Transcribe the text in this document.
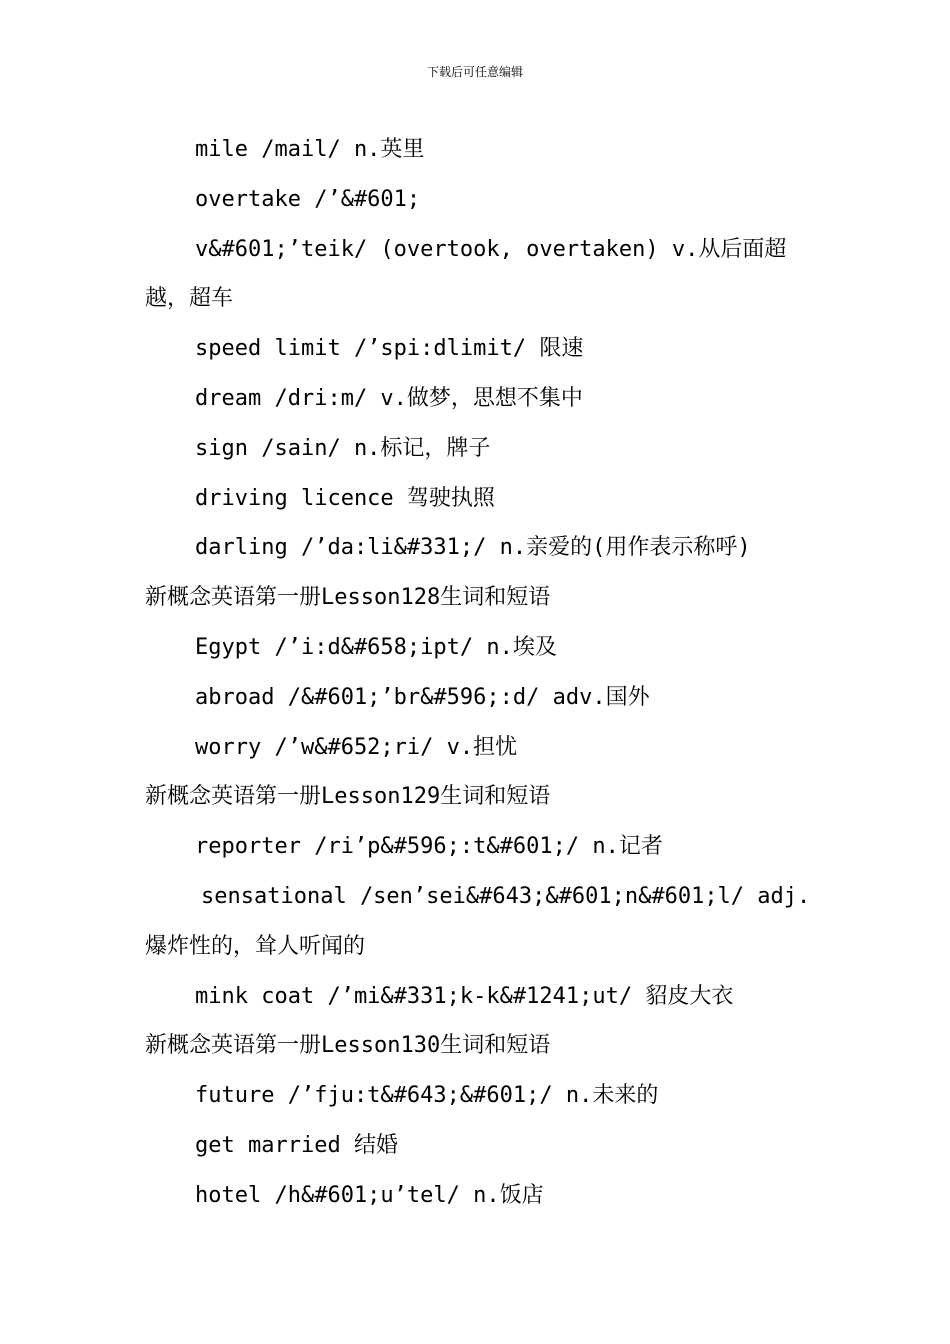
下载后可任意编辑
mile /mail/ n.英里
overtake /’&#601;
v&#601;’teik/ (overtook, overtaken) v.从后面超
越，超车
speed limit /’spi:dlimit/ 限速
dream /dri:m/ v.做梦，思想不集中
sign /sain/ n.标记，牌子
driving licence 驾驶执照
darling /’da:li&#331;/ n.亲爱的(用作表示称呼)
新概念英语第一册Lesson128生词和短语
Egypt /’i:d&#658;ipt/ n.埃及
abroad /&#601;’br&#596;:d/ adv.国外
worry /’w&#652;ri/ v.担忧
新概念英语第一册Lesson129生词和短语
reporter /ri’p&#596;:t&#601;/ n.记者
sensational /sen’sei&#643;&#601;n&#601;l/ adj.
爆炸性的，耸人听闻的
mink coat /’mi&#331;k-k&#1241;ut/ 貂皮大衣
新概念英语第一册Lesson130生词和短语
future /’fju:t&#643;&#601;/ n.未来的
get married 结婚
hotel /h&#601;u’tel/ n.饭店
